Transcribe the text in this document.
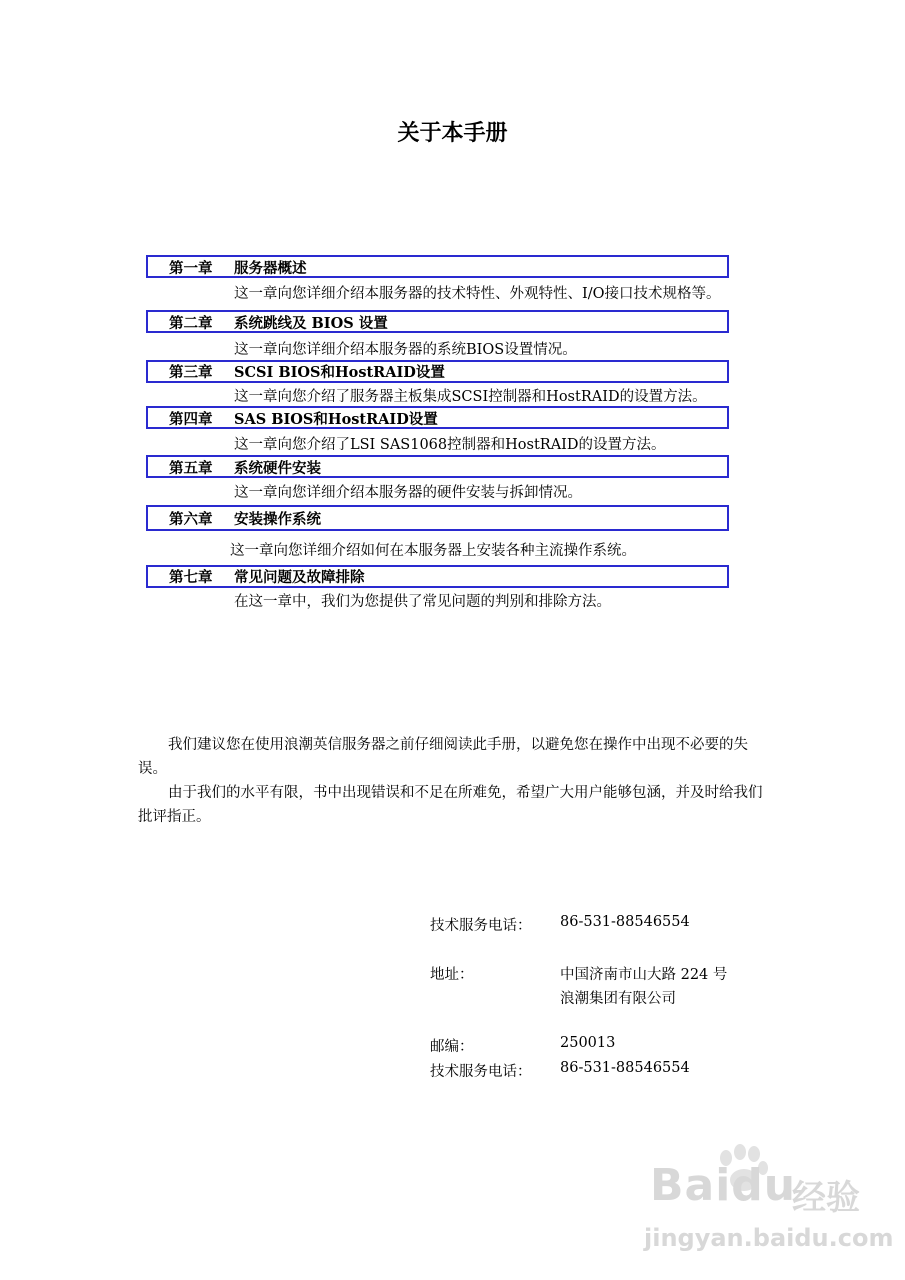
关于本手册
第一章 服务器概述
这一章向您详细介绍本服务器的技术特性、外观特性、I/O接口技术规格等。
第二章 系统跳线及 BIOS 设置
这一章向您详细介绍本服务器的系统BIOS设置情况。
第三章 SCSI BIOS和HostRAID设置
这一章向您介绍了服务器主板集成SCSI控制器和HostRAID的设置方法。
第四章 SAS BIOS和HostRAID设置
这一章向您介绍了LSI SAS1068控制器和HostRAID的设置方法。
第五章 系统硬件安装
这一章向您详细介绍本服务器的硬件安装与拆卸情况。
第六章 安装操作系统
这一章向您详细介绍如何在本服务器上安装各种主流操作系统。
第七章 常见问题及故障排除
在这一章中，我们为您提供了常见问题的判别和排除方法。
我们建议您在使用浪潮英信服务器之前仔细阅读此手册，以避免您在操作中出现不必要的失误。
由于我们的水平有限，书中出现错误和不足在所难免，希望广大用户能够包涵，并及时给我们批评指正。
技术服务电话： 86-531-88546554
地址：	中国济南市山大路 224 号
浪潮集团有限公司
邮编：	250013
技术服务电话： 86-531-88546554
Baidu
经验
jingyan.baidu.com
